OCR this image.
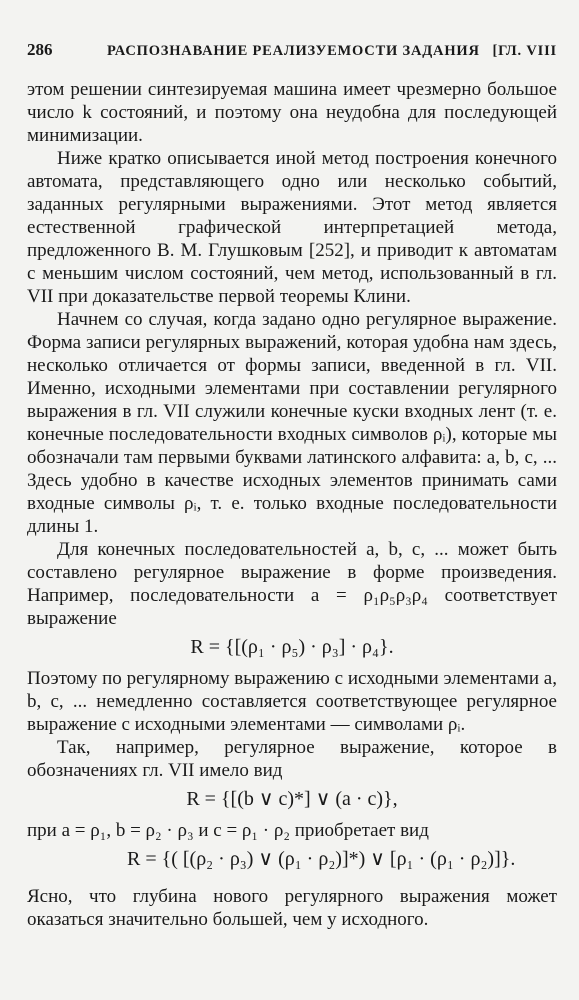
286	РАСПОЗНАВАНИЕ РЕАЛИЗУЕМОСТИ ЗАДАНИЯ [ГЛ. VIII

этом решении синтезируемая машина имеет чрезмерно большое число k состояний, и поэтому она неудобна для последующей минимизации.

Ниже кратко описывается иной метод построения конечного автомата, представляющего одно или несколько событий, заданных регулярными выражениями. Этот метод является естественной графической интерпретацией метода, предложенного В. М. Глушковым [252], и приводит к автоматам с меньшим числом состояний, чем метод, использованный в гл. VII при доказательстве первой теоремы Клини.

Начнем со случая, когда задано одно регулярное выражение. Форма записи регулярных выражений, которая удобна нам здесь, несколько отличается от формы записи, введенной в гл. VII. Именно, исходными элементами при составлении регулярного выражения в гл. VII служили конечные куски входных лент (т. е. конечные последовательности входных символов ρᵢ), которые мы обозначали там первыми буквами латинского алфавита: a, b, c, ... Здесь удобно в качестве исходных элементов принимать сами входные символы ρᵢ, т. е. только входные последовательности длины 1.

Для конечных последовательностей a, b, c, ... может быть составлено регулярное выражение в форме произведения. Например, последовательности a = ρ₁ρ₅ρ₃ρ₄ соответствует выражение

R = {[(ρ₁ · ρ₅) · ρ₃] · ρ₄}.

Поэтому по регулярному выражению с исходными элементами a, b, c, ... немедленно составляется соответствующее регулярное выражение с исходными элементами — символами ρᵢ.

Так, например, регулярное выражение, которое в обозначениях гл. VII имело вид

R = {[(b ∨ c)*] ∨ (a · c)},

при a = ρ₁, b = ρ₂ · ρ₃ и c = ρ₁ · ρ₂ приобретает вид

R = {( [(ρ₂ · ρ₃) ∨ (ρ₁ · ρ₂)]*) ∨ [ρ₁ · (ρ₁ · ρ₂)]}.

Ясно, что глубина нового регулярного выражения может оказаться значительно большей, чем у исходного.
